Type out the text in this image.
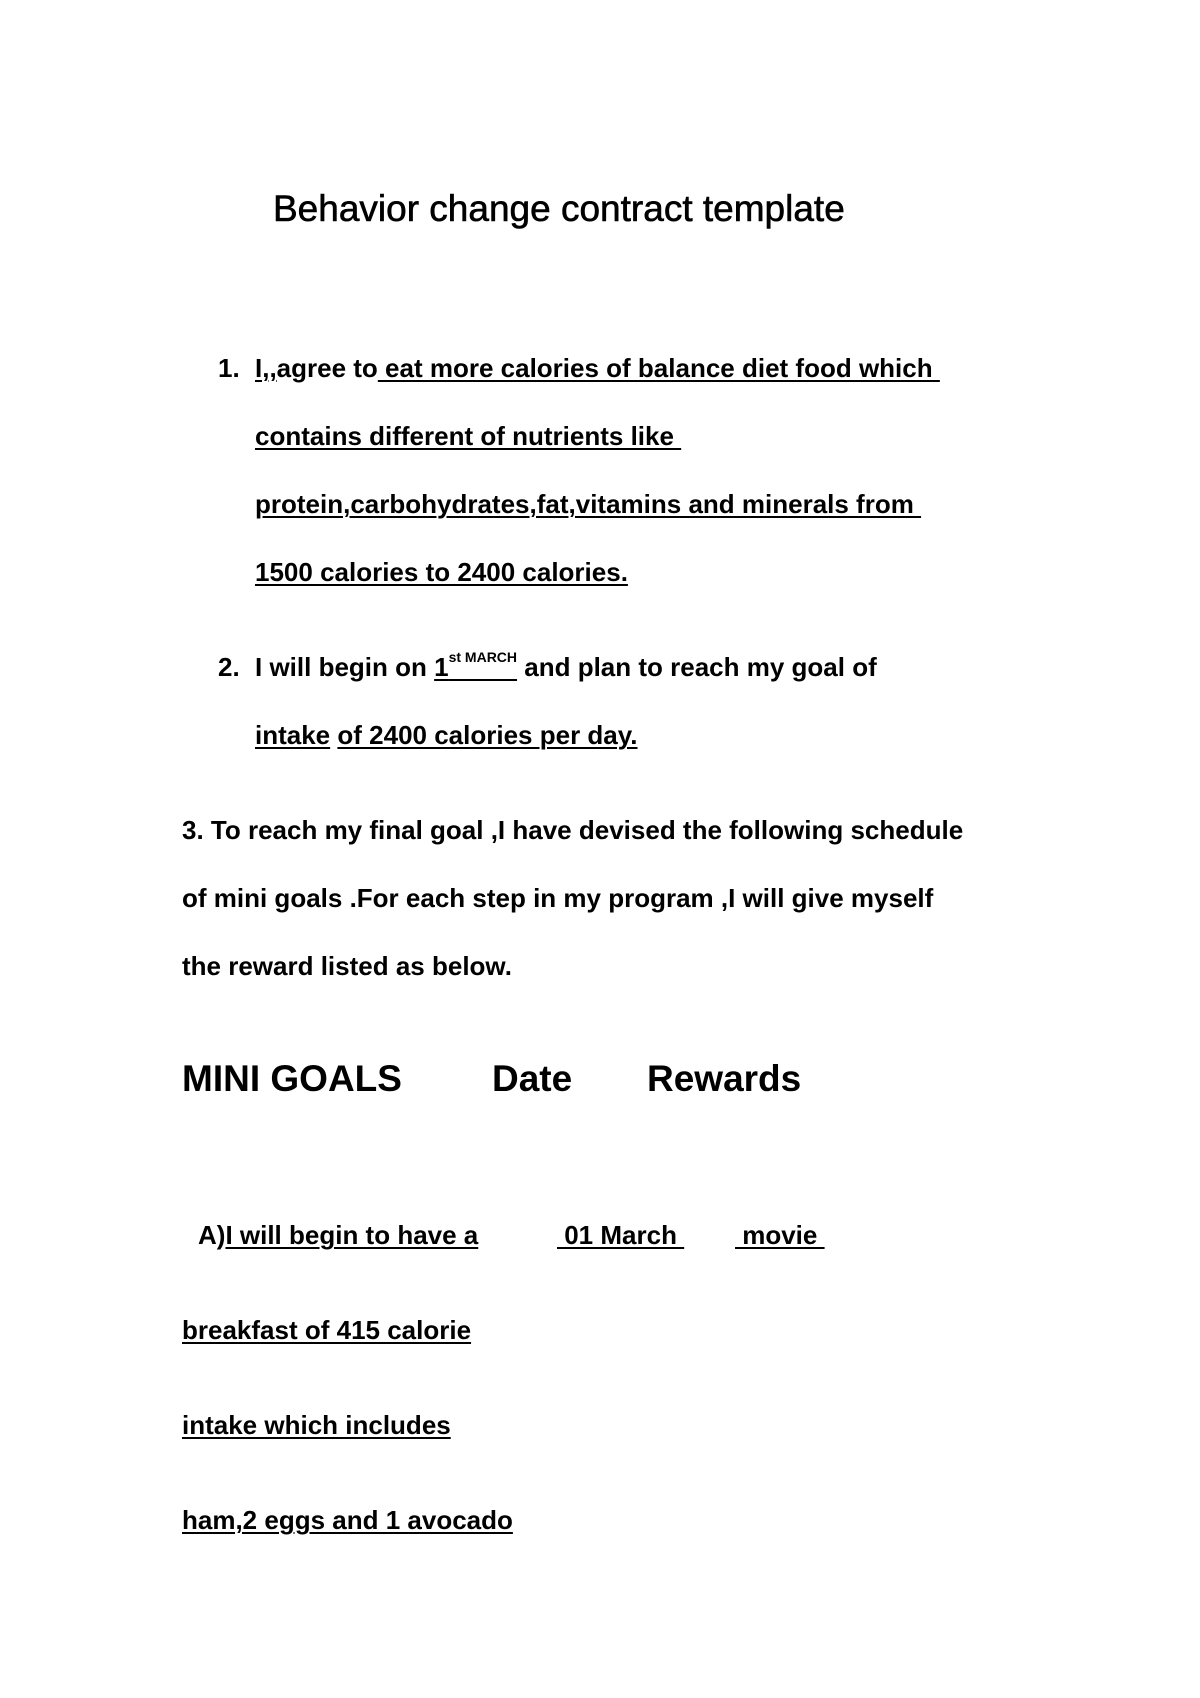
Behavior change contract template
1. I,,agree to eat more calories of balance diet food which
contains different of nutrients like
protein,carbohydrates,fat,vitamins and minerals from
1500 calories to 2400 calories.
2. I will begin on $1^{st MARCH}$ and plan to reach my goal of
intake of 2400 calories per day.
3. To reach my final goal ,I have devised the following schedule
of mini goals .For each step in my program ,I will give myself
the reward listed as below.
MINI GOALS Date Rewards
A)I will begin to have a	01 March movie
breakfast of 415 calorie
intake which includes
ham,2 eggs and 1 avocado
